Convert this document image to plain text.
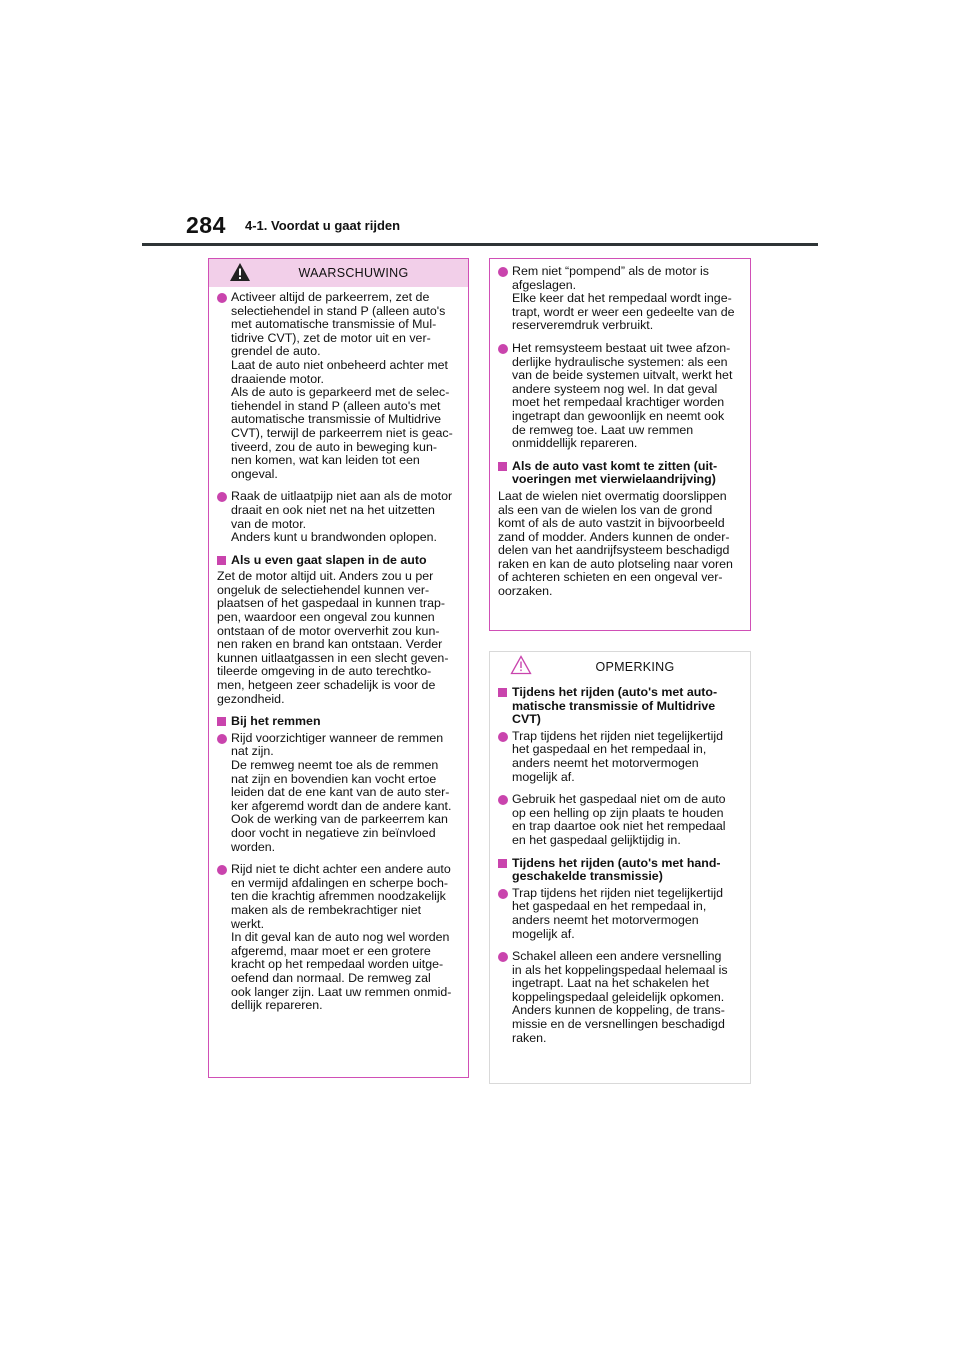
284 4-1. Voordat u gaat rijden
WAARSCHUWING
Activeer altijd de parkeerrem, zet de
selectiehendel in stand P (alleen auto's
met automatische transmissie of Mul-
tidrive CVT), zet de motor uit en ver-
grendel de auto.
Laat de auto niet onbeheerd achter met
draaiende motor.
Als de auto is geparkeerd met de selec-
tiehendel in stand P (alleen auto's met
automatische transmissie of Multidrive
CVT), terwijl de parkeerrem niet is geac-
tiveerd, zou de auto in beweging kun-
nen komen, wat kan leiden tot een
ongeval.
Raak de uitlaatpijp niet aan als de motor
draait en ook niet net na het uitzetten
van de motor.
Anders kunt u brandwonden oplopen.
Als u even gaat slapen in de auto
Zet de motor altijd uit. Anders zou u per
ongeluk de selectiehendel kunnen ver-
plaatsen of het gaspedaal in kunnen trap-
pen, waardoor een ongeval zou kunnen
ontstaan of de motor oververhit zou kun-
nen raken en brand kan ontstaan. Verder
kunnen uitlaatgassen in een slecht geven-
tileerde omgeving in de auto terechtko-
men, hetgeen zeer schadelijk is voor de
gezondheid.
Bij het remmen
Rijd voorzichtiger wanneer de remmen
nat zijn.
De remweg neemt toe als de remmen
nat zijn en bovendien kan vocht ertoe
leiden dat de ene kant van de auto ster-
ker afgeremd wordt dan de andere kant.
Ook de werking van de parkeerrem kan
door vocht in negatieve zin beïnvloed
worden.
Rijd niet te dicht achter een andere auto
en vermijd afdalingen en scherpe boch-
ten die krachtig afremmen noodzakelijk
maken als de rembekrachtiger niet
werkt.
In dit geval kan de auto nog wel worden
afgeremd, maar moet er een grotere
kracht op het rempedaal worden uitge-
oefend dan normaal. De remweg zal
ook langer zijn. Laat uw remmen onmid-
dellijk repareren.
Rem niet “pompend” als de motor is
afgeslagen.
Elke keer dat het rempedaal wordt inge-
trapt, wordt er weer een gedeelte van de
reserveremdruk verbruikt.
Het remsysteem bestaat uit twee afzon-
derlijke hydraulische systemen: als een
van de beide systemen uitvalt, werkt het
andere systeem nog wel. In dat geval
moet het rempedaal krachtiger worden
ingetrapt dan gewoonlijk en neemt ook
de remweg toe. Laat uw remmen
onmiddellijk repareren.
Als de auto vast komt te zitten (uit-
voeringen met vierwielaandrijving)
Laat de wielen niet overmatig doorslippen
als een van de wielen los van de grond
komt of als de auto vastzit in bijvoorbeeld
zand of modder. Anders kunnen de onder-
delen van het aandrijfsysteem beschadigd
raken en kan de auto plotseling naar voren
of achteren schieten en een ongeval ver-
oorzaken.
OPMERKING
Tijdens het rijden (auto's met auto-
matische transmissie of Multidrive
CVT)
Trap tijdens het rijden niet tegelijkertijd
het gaspedaal en het rempedaal in,
anders neemt het motorvermogen
mogelijk af.
Gebruik het gaspedaal niet om de auto
op een helling op zijn plaats te houden
en trap daartoe ook niet het rempedaal
en het gaspedaal gelijktijdig in.
Tijdens het rijden (auto's met hand-
geschakelde transmissie)
Trap tijdens het rijden niet tegelijkertijd
het gaspedaal en het rempedaal in,
anders neemt het motorvermogen
mogelijk af.
Schakel alleen een andere versnelling
in als het koppelingspedaal helemaal is
ingetrapt. Laat na het schakelen het
koppelingspedaal geleidelijk opkomen.
Anders kunnen de koppeling, de trans-
missie en de versnellingen beschadigd
raken.
